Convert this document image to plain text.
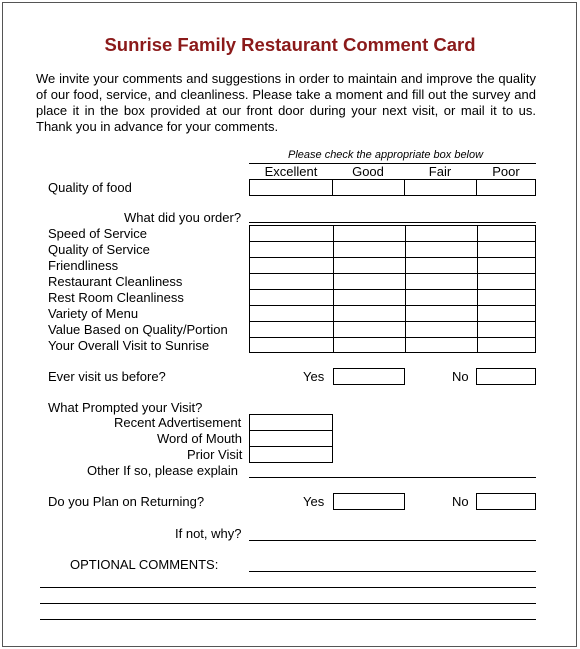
Sunrise Family Restaurant Comment Card
We invite your comments and suggestions in order to maintain and improve the quality of our food, service, and cleanliness. Please take a moment and fill out the survey and place it in the box provided at our front door during your next visit, or mail it to us. Thank you in advance for your comments.
Please check the appropriate box below
Excellent	Good	Fair	Poor
Quality of food
What did you order?
Speed of Service
Quality of Service
Friendliness
Restaurant Cleanliness
Rest Room Cleanliness
Variety of Menu
Value Based on Quality/Portion
Your Overall Visit to Sunrise
Ever visit us before?	Yes	No
What Prompted your Visit?
Recent Advertisement
Word of Mouth
Prior Visit
Other If so, please explain
Do you Plan on Returning?	Yes	No
If not, why?
OPTIONAL COMMENTS:
